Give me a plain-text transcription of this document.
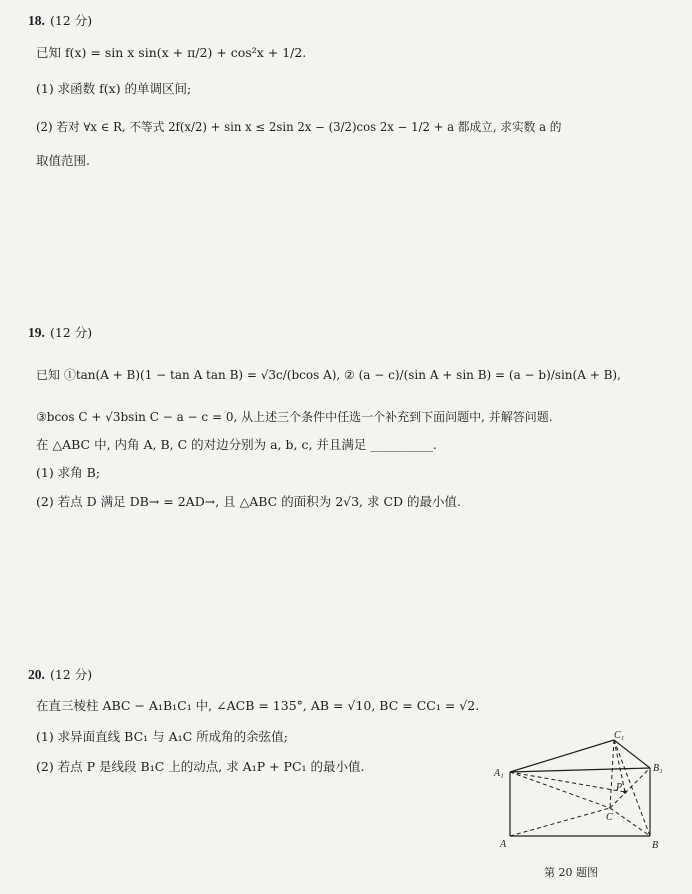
18. (12 分)
已知 f(x) = sin x sin(x + π/2) + cos²x + 1/2.
(1) 求函数 f(x) 的单调区间;
(2) 若对 ∀x ∈ R, 不等式 2f(x/2) + sin x ≤ 2sin 2x − (3/2)cos 2x − 1/2 + a 都成立, 求实数 a 的
取值范围.
19. (12 分)
已知 ①tan(A + B)(1 − tan A tan B) = √3c/(bcos A), ② (a − c)/(sin A + sin B) = (a − b)/sin(A + B),
③bcos C + √3bsin C − a − c = 0, 从上述三个条件中任选一个补充到下面问题中, 并解答问题.
在 △ABC 中, 内角 A, B, C 的对边分别为 a, b, c, 并且满足 __________.
(1) 求角 B;
(2) 若点 D 满足 DB→ = 2AD→, 且 △ABC 的面积为 2√3, 求 CD 的最小值.
20. (12 分)
在直三棱柱 ABC − A₁B₁C₁ 中, ∠ACB = 135°, AB = √10, BC = CC₁ = √2.
(1) 求异面直线 BC₁ 与 A₁C 所成角的余弦值;
(2) 若点 P 是线段 B₁C 上的动点, 求 A₁P + PC₁ 的最小值.
C₁
A₁	B₁
P
C
A	B
第 20 题图
